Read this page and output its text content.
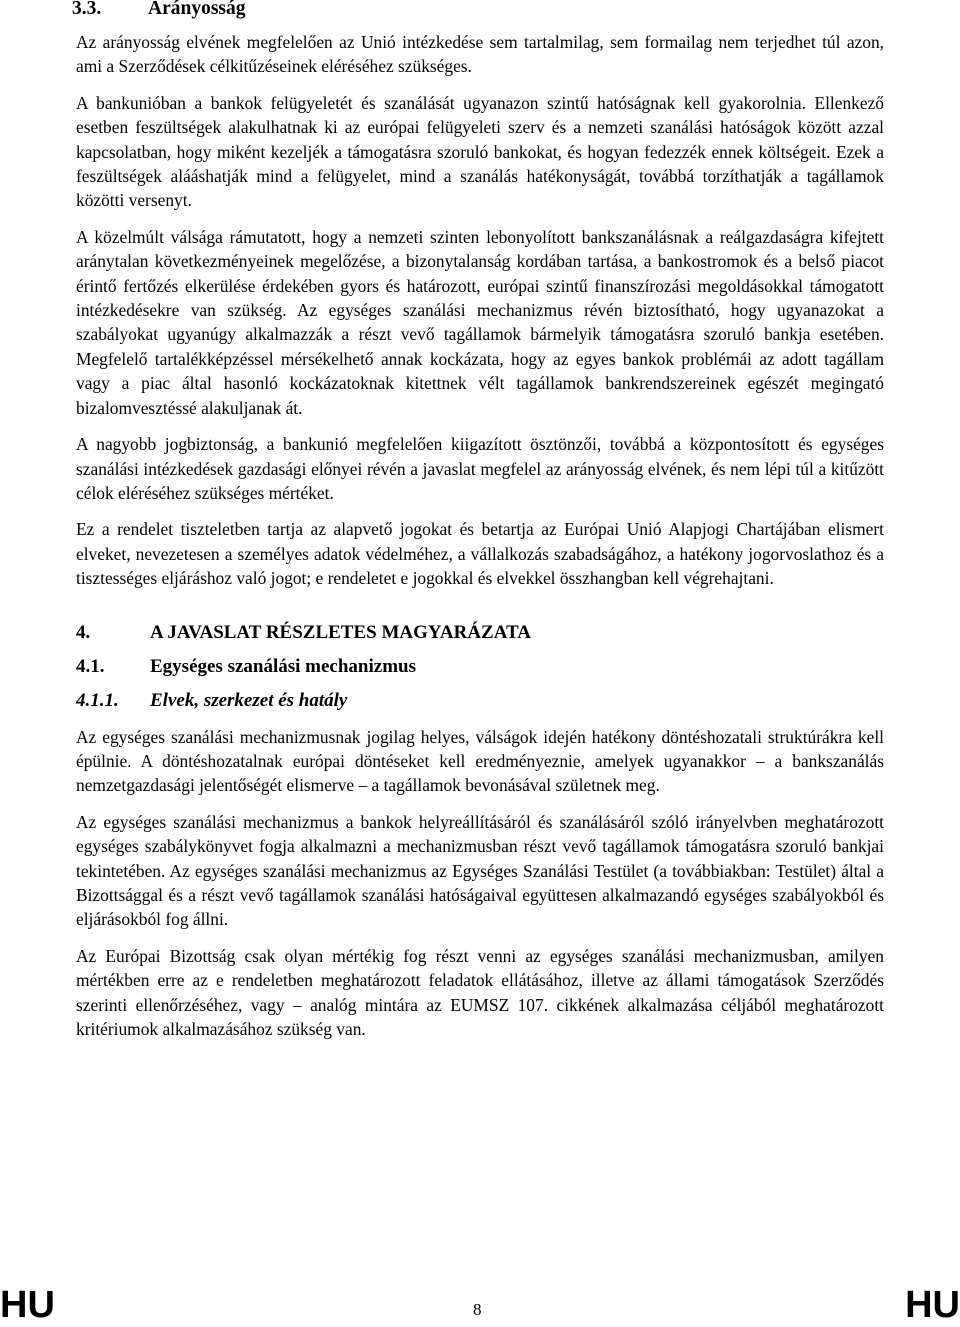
3.3. Arányosság

Az arányosság elvének megfelelően az Unió intézkedése sem tartalmilag, sem formailag nem terjedhet túl azon, ami a Szerződések célkitűzéseinek eléréséhez szükséges.

A bankunióban a bankok felügyeletét és szanálását ugyanazon szintű hatóságnak kell gyakorolnia. Ellenkező esetben feszültségek alakulhatnak ki az európai felügyeleti szerv és a nemzeti szanálási hatóságok között azzal kapcsolatban, hogy miként kezeljék a támogatásra szoruló bankokat, és hogyan fedezzék ennek költségeit. Ezek a feszültségek alááshatják mind a felügyelet, mind a szanálás hatékonyságát, továbbá torzíthatják a tagállamok közötti versenyt.

A közelmúlt válsága rámutatott, hogy a nemzeti szinten lebonyolított bankszanálásnak a reálgazdaságra kifejtett aránytalan következményeinek megelőzése, a bizonytalanság kordában tartása, a bankostromok és a belső piacot érintő fertőzés elkerülése érdekében gyors és határozott, európai szintű finanszírozási megoldásokkal támogatott intézkedésekre van szükség. Az egységes szanálási mechanizmus révén biztosítható, hogy ugyanazokat a szabályokat ugyanúgy alkalmazzák a részt vevő tagállamok bármelyik támogatásra szoruló bankja esetében. Megfelelő tartalékképzéssel mérsékelhető annak kockázata, hogy az egyes bankok problémái az adott tagállam vagy a piac által hasonló kockázatoknak kitettnek vélt tagállamok bankrendszereinek egészét megingató bizalomvesztéssé alakuljanak át.

A nagyobb jogbiztonság, a bankunió megfelelően kiigazított ösztönzői, továbbá a központosított és egységes szanálási intézkedések gazdasági előnyei révén a javaslat megfelel az arányosság elvének, és nem lépi túl a kitűzött célok eléréséhez szükséges mértéket.

Ez a rendelet tiszteletben tartja az alapvető jogokat és betartja az Európai Unió Alapjogi Chartájában elismert elveket, nevezetesen a személyes adatok védelméhez, a vállalkozás szabadságához, a hatékony jogorvoslathoz és a tisztességes eljáráshoz való jogot; e rendeletet e jogokkal és elvekkel összhangban kell végrehajtani.

4.	A JAVASLAT RÉSZLETES MAGYARÁZATA
4.1. Egységes szanálási mechanizmus
4.1.1. Elvek, szerkezet és hatály

Az egységes szanálási mechanizmusnak jogilag helyes, válságok idején hatékony döntéshozatali struktúrákra kell épülnie. A döntéshozatalnak európai döntéseket kell eredményeznie, amelyek ugyanakkor – a bankszanálás nemzetgazdasági jelentőségét elismerve – a tagállamok bevonásával születnek meg.

Az egységes szanálási mechanizmus a bankok helyreállításáról és szanálásáról szóló irányelvben meghatározott egységes szabálykönyvet fogja alkalmazni a mechanizmusban részt vevő tagállamok támogatásra szoruló bankjai tekintetében. Az egységes szanálási mechanizmus az Egységes Szanálási Testület (a továbbiakban: Testület) által a Bizottsággal és a részt vevő tagállamok szanálási hatóságaival együttesen alkalmazandó egységes szabályokból és eljárásokból fog állni.

Az Európai Bizottság csak olyan mértékig fog részt venni az egységes szanálási mechanizmusban, amilyen mértékben erre az e rendeletben meghatározott feladatok ellátásához, illetve az állami támogatások Szerződés szerinti ellenőrzéséhez, vagy – analóg mintára az EUMSZ 107. cikkének alkalmazása céljából meghatározott kritériumok alkalmazásához szükség van.

HU	8	HU
